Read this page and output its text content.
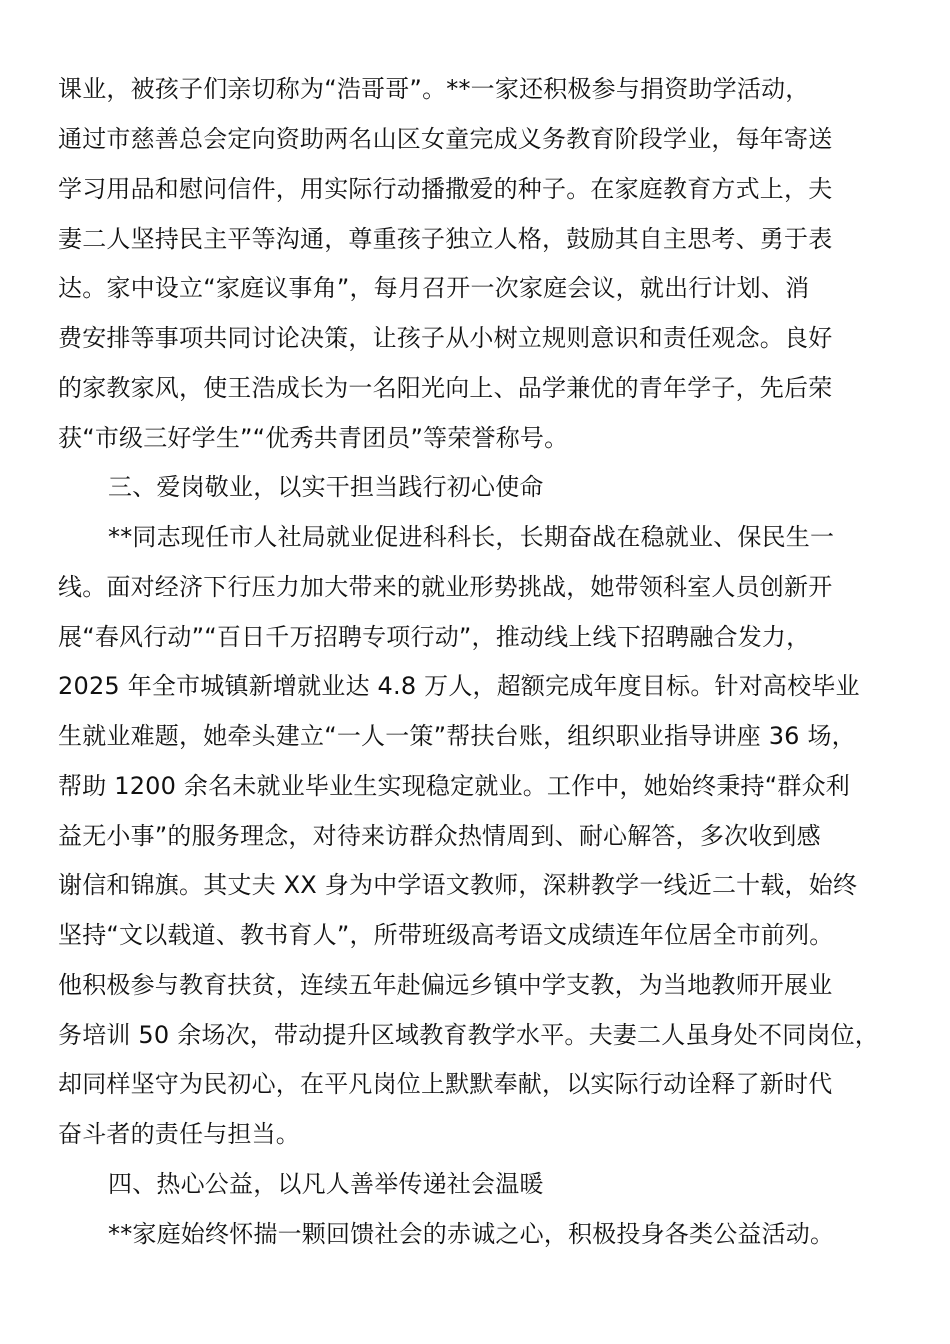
课业，被孩子们亲切称为“浩哥哥”。**一家还积极参与捐资助学活动，
通过市慈善总会定向资助两名山区女童完成义务教育阶段学业，每年寄送
学习用品和慰问信件，用实际行动播撒爱的种子。在家庭教育方式上，夫
妻二人坚持民主平等沟通，尊重孩子独立人格，鼓励其自主思考、勇于表
达。家中设立“家庭议事角”，每月召开一次家庭会议，就出行计划、消
费安排等事项共同讨论决策，让孩子从小树立规则意识和责任观念。良好
的家教家风，使王浩成长为一名阳光向上、品学兼优的青年学子，先后荣
获“市级三好学生”“优秀共青团员”等荣誉称号。
三、爱岗敬业，以实干担当践行初心使命
**同志现任市人社局就业促进科科长，长期奋战在稳就业、保民生一
线。面对经济下行压力加大带来的就业形势挑战，她带领科室人员创新开
展“春风行动”“百日千万招聘专项行动”，推动线上线下招聘融合发力，
2025 年全市城镇新增就业达 4.8 万人，超额完成年度目标。针对高校毕业
生就业难题，她牵头建立“一人一策”帮扶台账，组织职业指导讲座 36 场，
帮助 1200 余名未就业毕业生实现稳定就业。工作中，她始终秉持“群众利
益无小事”的服务理念，对待来访群众热情周到、耐心解答，多次收到感
谢信和锦旗。其丈夫 XX 身为中学语文教师，深耕教学一线近二十载，始终
坚持“文以载道、教书育人”，所带班级高考语文成绩连年位居全市前列。
他积极参与教育扶贫，连续五年赴偏远乡镇中学支教，为当地教师开展业
务培训 50 余场次，带动提升区域教育教学水平。夫妻二人虽身处不同岗位，
却同样坚守为民初心，在平凡岗位上默默奉献，以实际行动诠释了新时代
奋斗者的责任与担当。
四、热心公益，以凡人善举传递社会温暖
**家庭始终怀揣一颗回馈社会的赤诚之心，积极投身各类公益活动。
